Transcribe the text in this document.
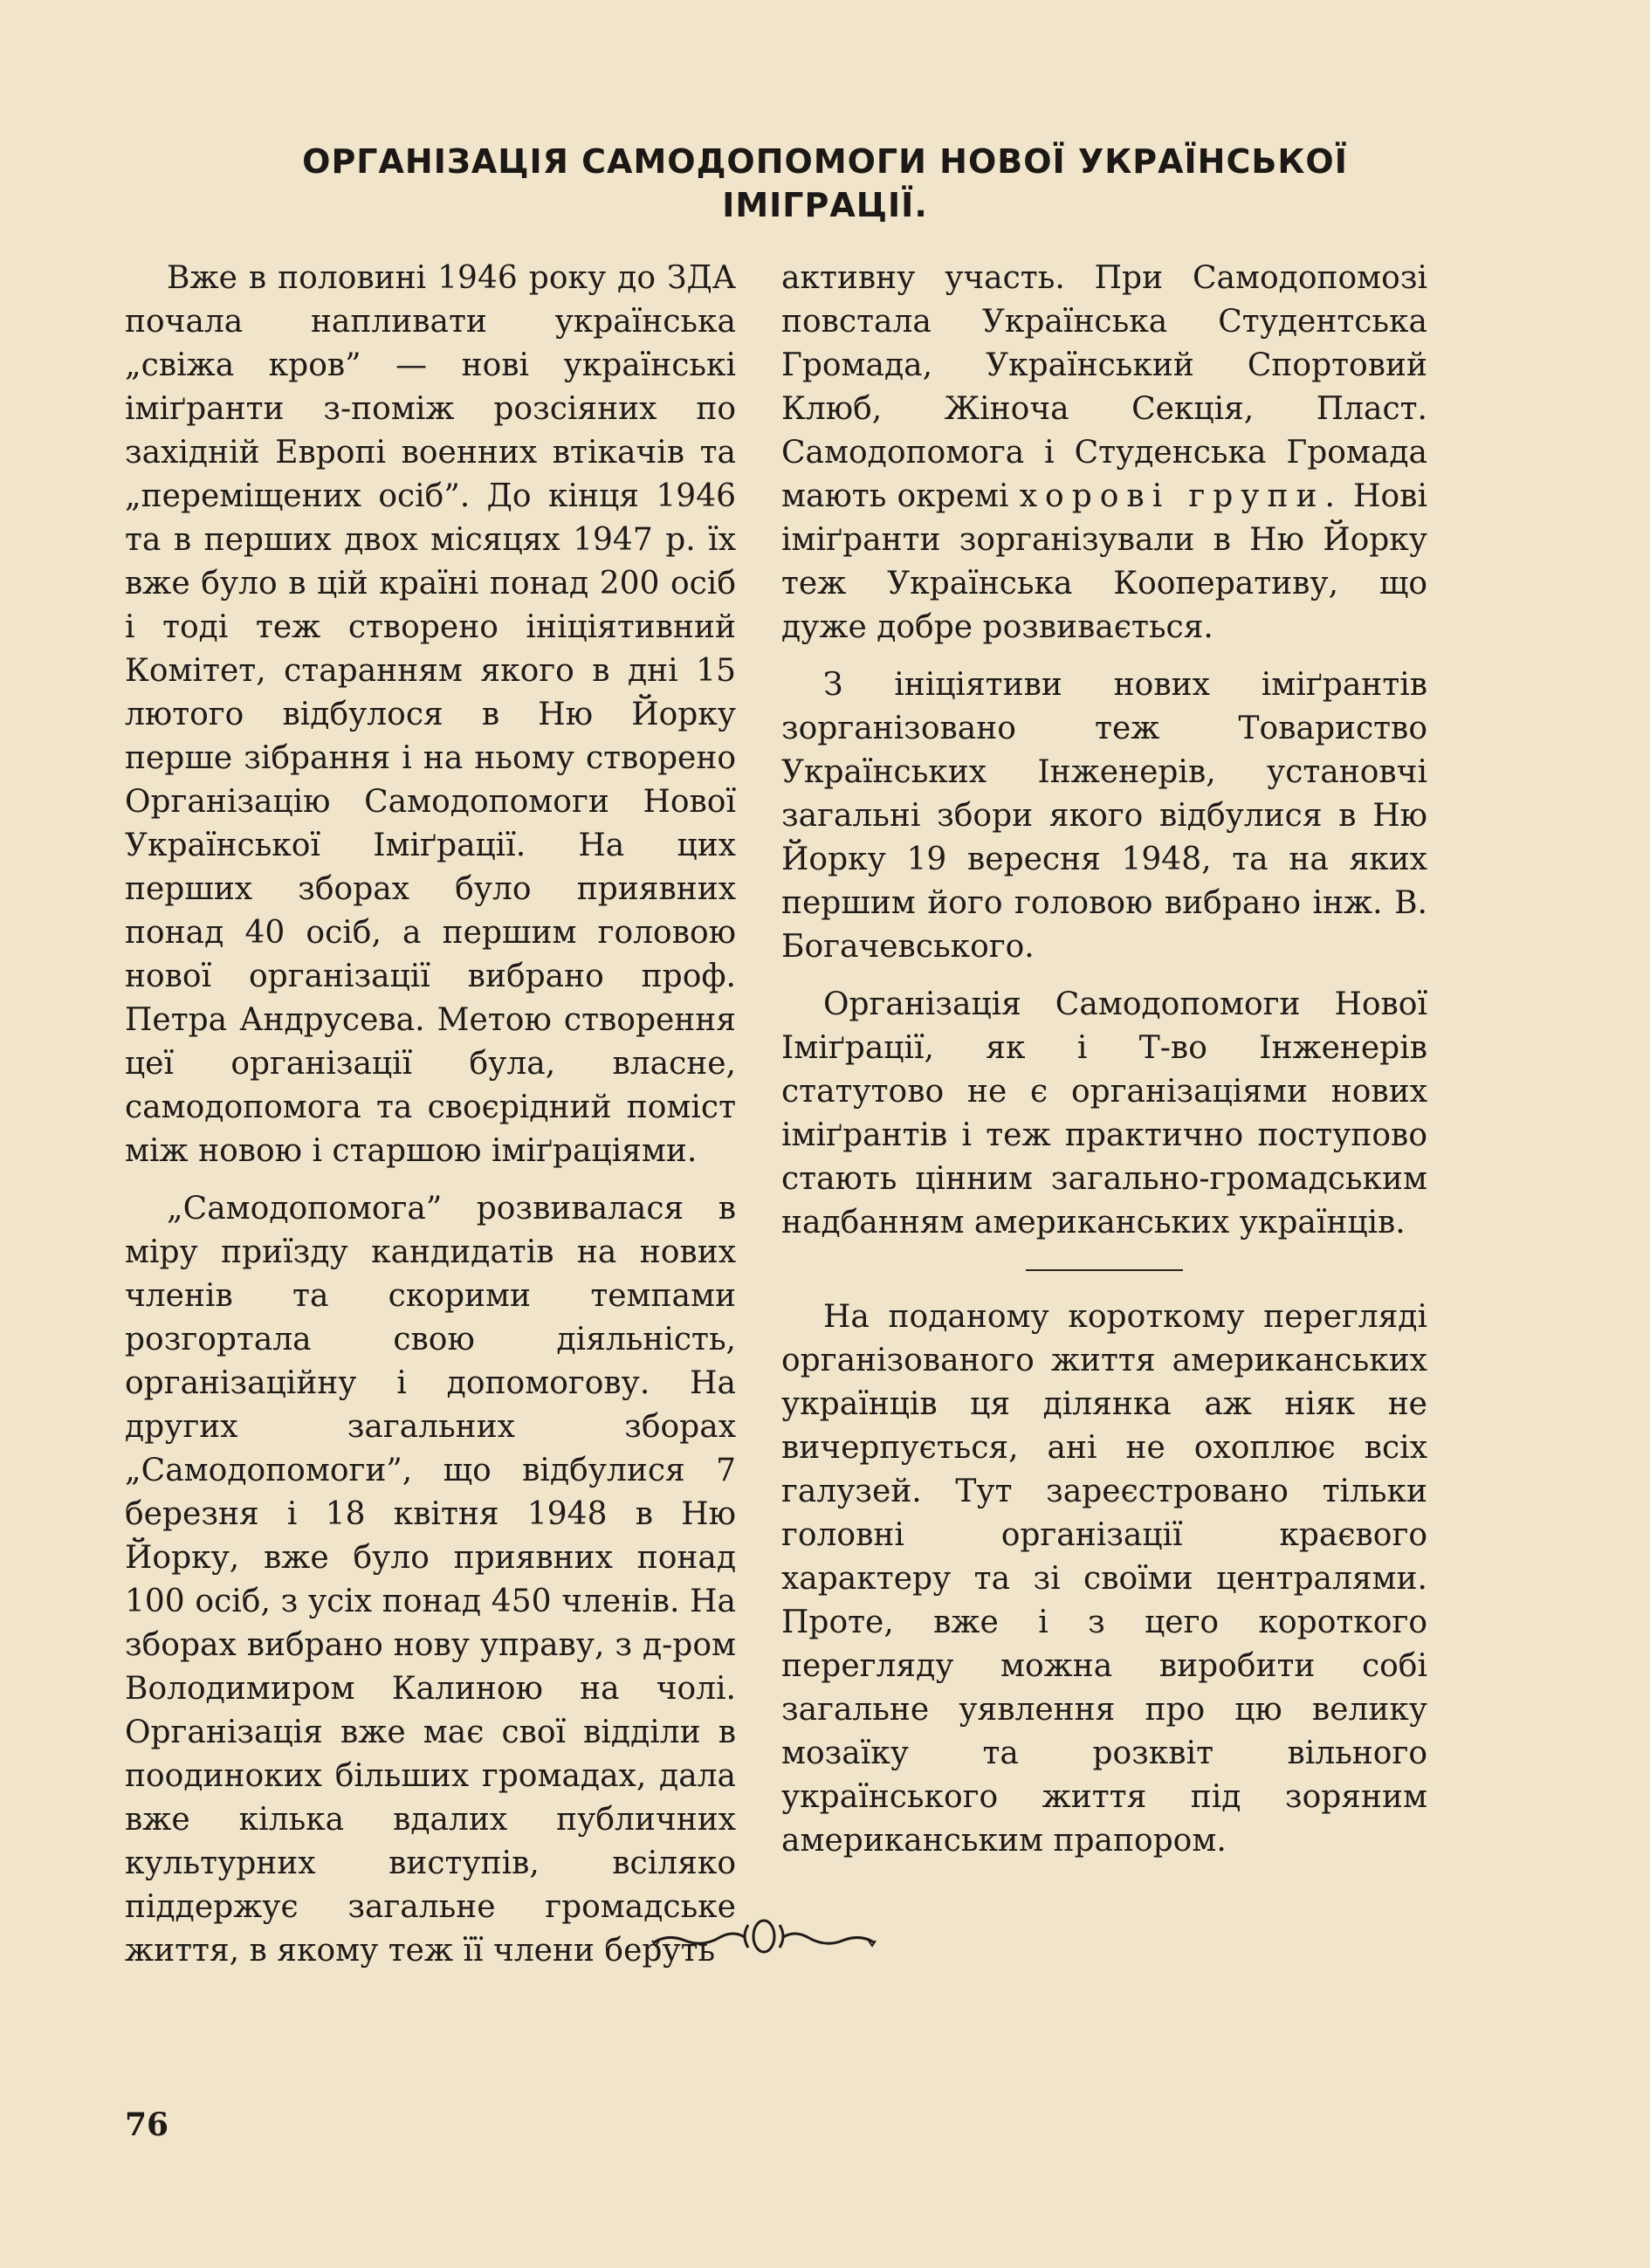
ОРГАНІЗАЦІЯ САМОДОПОМОГИ НОВОЇ УКРАЇНСЬКОЇ
ІМІГРАЦІЇ.

Вже в половині 1946 року до ЗДА почала напливати українська „свіжа кров” — нові українські іміґранти з-поміж розсіяних по західній Европі военних втікачів та „переміщених осіб”. До кінця 1946 та в перших двох місяцях 1947 р. їх вже було в цій країні понад 200 осіб і тоді теж створено ініціятивний Комітет, старанням якого в дні 15 лютого відбулося в Ню Йорку перше зібрання і на ньому створено Організацію Самодопомоги Нової Української Іміґрації. На цих перших зборах було приявних понад 40 осіб, а першим головою нової організації вибрано проф. Петра Андрусева. Метою створення цеї організації була, власне, самодопомога та своєрідний поміст між новою і старшою іміґраціями.

„Самодопомога” розвивалася в міру приїзду кандидатів на нових членів та скорими темпами розгортала свою діяльність, організаційну і допомогову. На других загальних зборах „Самодопомоги”, що відбулися 7 березня і 18 квітня 1948 в Ню Йорку, вже було приявних понад 100 осіб, з усіх понад 450 членів. На зборах вибрано нову управу, з д-ром Володимиром Калиною на чолі. Організація вже має свої відділи в поодиноких більших громадах, дала вже кілька вдалих публичних культурних виступів, всіляко піддержує загальне громадське життя, в якому теж її члени беруть

активну участь. При Самодопомозі повстала Українська Студентська Громада, Український Спортовий Клюб, Жіноча Секція, Пласт. Самодопомога і Студенська Громада мають окремі хорові групи. Нові іміґранти зорганізували в Ню Йорку теж Українська Кооперативу, що дуже добре розвивається.

З ініціятиви нових іміґрантів зорганізовано теж Товариство Українських Інженерів, установчі загальні збори якого відбулися в Ню Йорку 19 вересня 1948, та на яких першим його головою вибрано інж. В. Богачевського.

Організація Самодопомоги Нової Іміґрації, як і Т-во Інженерів статутово не є організаціями нових іміґрантів і теж практично поступово стають цінним загально-громадським надбанням американських українців.

На поданому короткому перегляді організованого життя американських українців ця ділянка аж ніяк не вичерпується, ані не охоплює всіх галузей. Тут зареєстровано тільки головні організації краєвого характеру та зі своїми централями. Проте, вже і з цего короткого перегляду можна виробити собі загальне уявлення про цю велику мозаїку та розквіт вільного українського життя під зоряним американським прапором.

76
